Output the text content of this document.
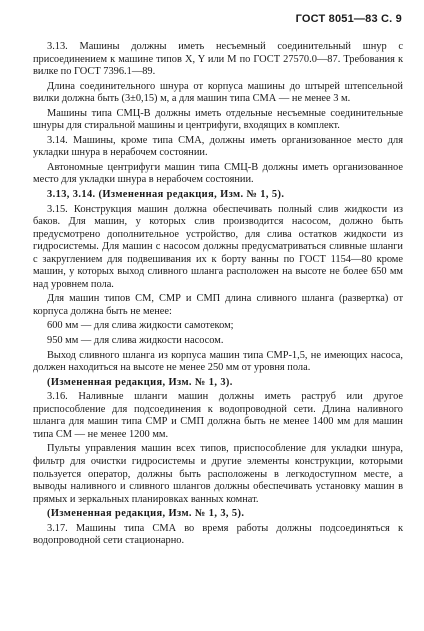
ГОСТ 8051—83 С. 9

3.13. Машины должны иметь несъемный соединительный шнур с присоединением к машине типов X, Y или M по ГОСТ 27570.0—87. Требования к вилке по ГОСТ 7396.1—89.

Длина соединительного шнура от корпуса машины до штырей штепсельной вилки должна быть (3±0,15) м, а для машин типа СМА — не менее 3 м.

Машины типа СМЦ-В должны иметь отдельные несъемные соединительные шнуры для стиральной машины и центрифуги, входящих в комплект.

3.14. Машины, кроме типа СМА, должны иметь организованное место для укладки шнура в нерабочем состоянии.

Автономные центрифуги машин типа СМЦ-В должны иметь организованное место для укладки шнура в нерабочем состоянии.

3.13, 3.14. (Измененная редакция, Изм. № 1, 5).

3.15. Конструкция машин должна обеспечивать полный слив жидкости из баков. Для машин, у которых слив производится насосом, должно быть предусмотрено дополнительное устройство, для слива остатков жидкости из гидросистемы. Для машин с насосом должны предусматриваться сливные шланги с закруглением для подвешивания их к борту ванны по ГОСТ 1154—80 кроме машин, у которых выход сливного шланга расположен на высоте не более 650 мм над уровнем пола.

Для машин типов СМ, СМР и СМП длина сливного шланга (развертка) от корпуса должна быть не менее:

600 мм — для слива жидкости самотеком;

950 мм — для слива жидкости насосом.

Выход сливного шланга из корпуса машин типа СМР-1,5, не имеющих насоса, должен находиться на высоте не менее 250 мм от уровня пола.

(Измененная редакция, Изм. № 1, 3).

3.16. Наливные шланги машин должны иметь раструб или другое приспособление для подсоединения к водопроводной сети. Длина наливного шланга для машин типа СМР и СМП должна быть не менее 1400 мм для машин типа СМ — не менее 1200 мм.

Пульты управления машин всех типов, приспособление для укладки шнура, фильтр для очистки гидросистемы и другие элементы конструкции, которыми пользуется оператор, должны быть расположены в легкодоступном месте, а выводы наливного и сливного шлангов должны обеспечивать установку машин в прямых и зеркальных планировках ванных комнат.

(Измененная редакция, Изм. № 1, 3, 5).

3.17. Машины типа СМА во время работы должны подсоединяться к водопроводной сети стационарно.
